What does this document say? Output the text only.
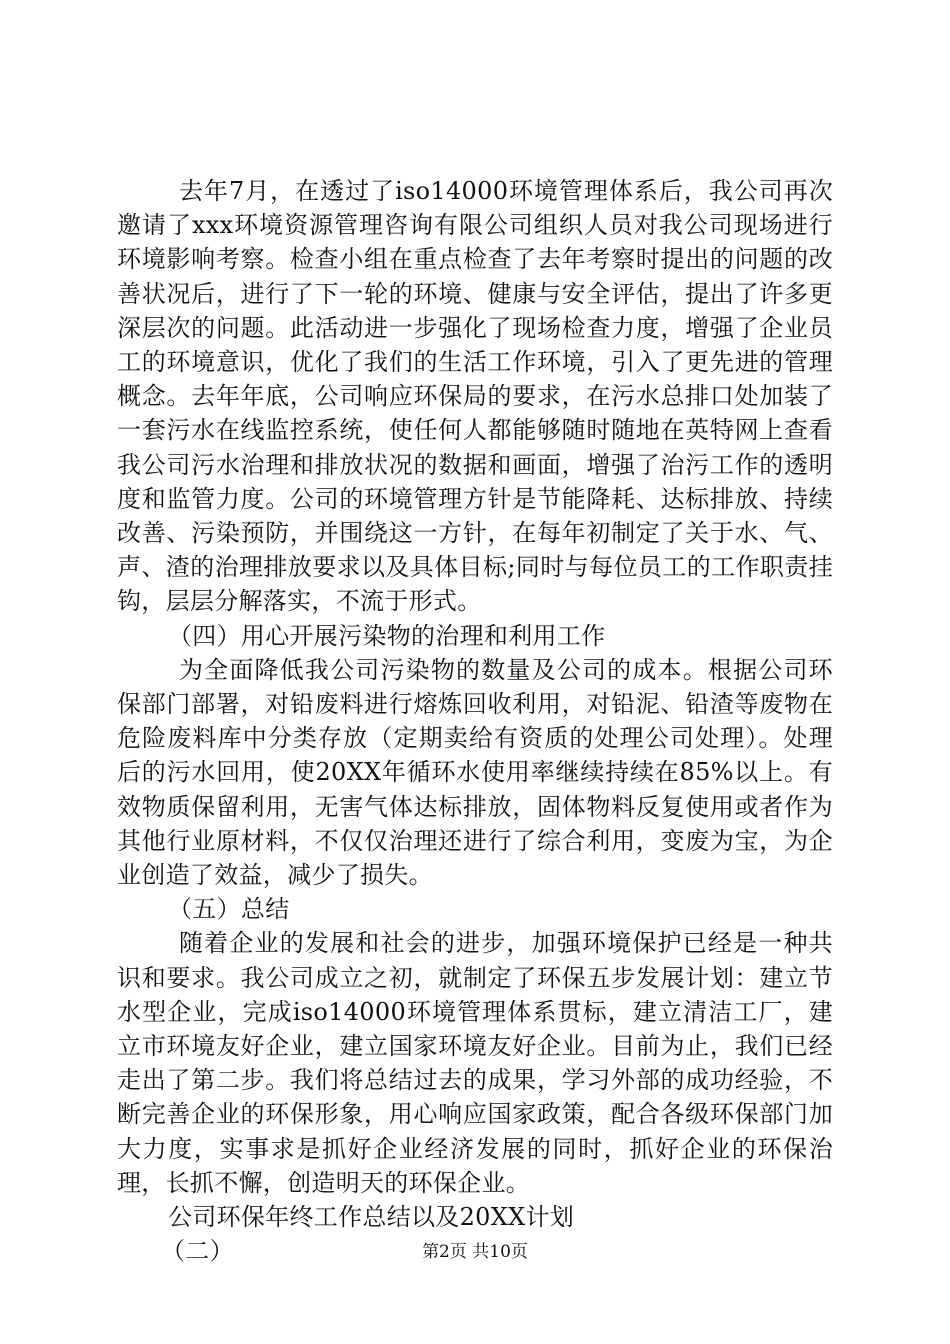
去年7月，在透过了iso14000环境管理体系后，我公司再次邀请了xxx环境资源管理咨询有限公司组织人员对我公司现场进行环境影响考察。检查小组在重点检查了去年考察时提出的问题的改善状况后，进行了下一轮的环境、健康与安全评估，提出了许多更深层次的问题。此活动进一步强化了现场检查力度，增强了企业员工的环境意识，优化了我们的生活工作环境，引入了更先进的管理概念。去年年底，公司响应环保局的要求，在污水总排口处加装了一套污水在线监控系统，使任何人都能够随时随地在英特网上查看我公司污水治理和排放状况的数据和画面，增强了治污工作的透明度和监管力度。公司的环境管理方针是节能降耗、达标排放、持续改善、污染预防，并围绕这一方针，在每年初制定了关于水、气、声、渣的治理排放要求以及具体目标;同时与每位员工的工作职责挂钩，层层分解落实，不流于形式。

（四）用心开展污染物的治理和利用工作

为全面降低我公司污染物的数量及公司的成本。根据公司环保部门部署，对铅废料进行熔炼回收利用，对铅泥、铅渣等废物在危险废料库中分类存放（定期卖给有资质的处理公司处理）。处理后的污水回用，使20XX年循环水使用率继续持续在85%以上。有效物质保留利用，无害气体达标排放，固体物料反复使用或者作为其他行业原材料，不仅仅治理还进行了综合利用，变废为宝，为企业创造了效益，减少了损失。

（五）总结

随着企业的发展和社会的进步，加强环境保护已经是一种共识和要求。我公司成立之初，就制定了环保五步发展计划：建立节水型企业，完成iso14000环境管理体系贯标，建立清洁工厂，建立市环境友好企业，建立国家环境友好企业。目前为止，我们已经走出了第二步。我们将总结过去的成果，学习外部的成功经验，不断完善企业的环保形象，用心响应国家政策，配合各级环保部门加大力度，实事求是抓好企业经济发展的同时，抓好企业的环保治理，长抓不懈，创造明天的环保企业。

公司环保年终工作总结以及20XX计划

（二）	第2页 共10页
